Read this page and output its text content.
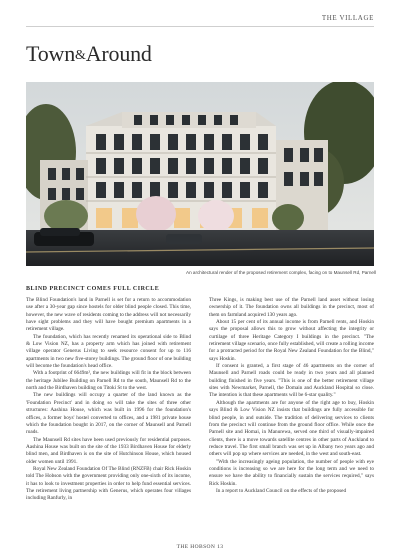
THE VILLAGE
Town&Around
An architectural render of the proposed retirement complex, facing on to Maunsell Rd, Parnell
BLIND PRECINCT COMES FULL CIRCLE

The Blind Foundation's land in Parnell is set for a return to accommodation use after a 30-year gap since hostels for older blind people closed. This time, however, the new wave of residents coming to the address will not necessarily have sight problems and they will have bought premium apartments in a retirement village.

The foundation, which has recently renamed its operational side to Blind & Low Vision NZ, has a property arm which has joined with retirement village operator Generus Living to seek resource consent for up to 116 apartments in two new five-storey buildings. The ground floor of one building will become the foundation's head office.

With a footprint of 6649m², the new buildings will fit in the block between the heritage Jubilee Building on Parnell Rd to the south, Maunsell Rd to the north and the Birdhaven building on Titoki St to the west.

The new buildings will occupy a quarter of the land known as the 'Foundation Precinct' and in doing so will take the sites of three other structures: Aashina House, which was built in 1996 for the foundation's offices, a former boys' hostel converted to offices, and a 1981 private house which the foundation bought in 2017, on the corner of Maunsell and Parnell roads.

The Maunsell Rd sites have been used previously for residential purposes. Aashina House was built on the site of the 1933 Birdhaven House for elderly blind men, and Birdhaven is on the site of Hutchinson House, which housed older women until 1991.

Royal New Zealand Foundation Of The Blind (RNZFB) chair Rick Hoskin told The Hobson with the government providing only one-sixth of its income, it has to look to investment properties in order to help fund essential services. The retirement living partnership with Generus, which operates four villages including Ranfurly, in

Three Kings, is making best use of the Parnell land asset without losing ownership of it. The foundation owns all buildings in the precinct, most of them on farmland acquired 130 years ago.

About 15 per cent of its annual income is from Parnell rents, and Hoskin says the proposal allows this to grow without affecting the integrity or curtilage of three Heritage Category I buildings in the precinct. "The retirement village scenario, once fully established, will create a rolling income for a protracted period for the Royal New Zealand Foundation for the Blind," says Hoskin.

If consent is granted, a first stage of 46 apartments on the corner of Maunsell and Parnell roads could be ready in two years and all planned building finished in five years. "This is one of the better retirement village sites with Newmarket, Parnell, the Domain and Auckland Hospital so close. The intention is that these apartments will be 6-star quality."

Although the apartments are for anyone of the right age to buy, Hoskin says Blind & Low Vision NZ insists that buildings are fully accessible for blind people, in and outside. The tradition of delivering services to clients from the precinct will continue from the ground floor office. While once the Parnell site and Homai, in Manurewa, served one third of visually-impaired clients, there is a move towards satellite centres in other parts of Auckland to reduce travel. The first small branch was set up in Albany two years ago and others will pop up where services are needed, in the west and south-east.

"With the increasingly ageing population, the number of people with eye conditions is increasing so we are here for the long term and we need to ensure we have the ability to financially sustain the services required," says Rick Hoskin.

In a report to Auckland Council on the effects of the proposed

THE HOBSON 13
